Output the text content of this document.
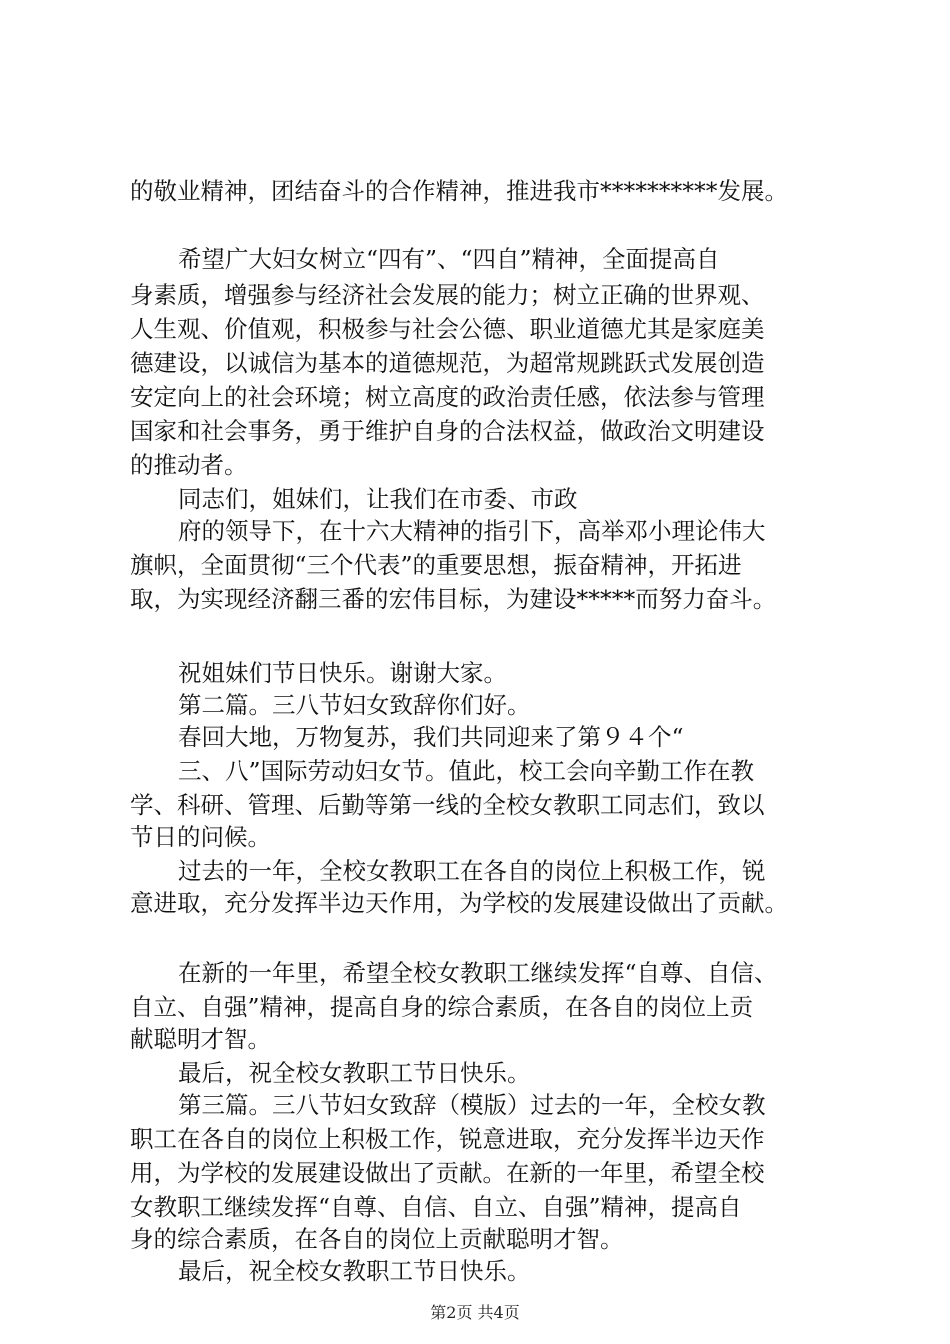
的敬业精神，团结奋斗的合作精神，推进我市**********发展。
希望广大妇女树立“四有”、“四自”精神，全面提高自
身素质，增强参与经济社会发展的能力；树立正确的世界观、
人生观、价值观，积极参与社会公德、职业道德尤其是家庭美
德建设，以诚信为基本的道德规范，为超常规跳跃式发展创造
安定向上的社会环境；树立高度的政治责任感，依法参与管理
国家和社会事务，勇于维护自身的合法权益，做政治文明建设
的推动者。
同志们，姐妹们，让我们在市委、市政
府的领导下，在十六大精神的指引下，高举邓小理论伟大
旗帜，全面贯彻“三个代表”的重要思想，振奋精神，开拓进
取，为实现经济翻三番的宏伟目标，为建设*****而努力奋斗。
祝姐妹们节日快乐。谢谢大家。
第二篇。三八节妇女致辞你们好。
春回大地，万物复苏，我们共同迎来了第９４个“
三、八”国际劳动妇女节。值此，校工会向辛勤工作在教
学、科研、管理、后勤等第一线的全校女教职工同志们，致以
节日的问候。
过去的一年，全校女教职工在各自的岗位上积极工作，锐
意进取，充分发挥半边天作用，为学校的发展建设做出了贡献。
在新的一年里，希望全校女教职工继续发挥“自尊、自信、
自立、自强”精神，提高自身的综合素质，在各自的岗位上贡
献聪明才智。
最后，祝全校女教职工节日快乐。
第三篇。三八节妇女致辞（模版）过去的一年，全校女教
职工在各自的岗位上积极工作，锐意进取，充分发挥半边天作
用，为学校的发展建设做出了贡献。在新的一年里，希望全校
女教职工继续发挥“自尊、自信、自立、自强”精神，提高自
身的综合素质，在各自的岗位上贡献聪明才智。
最后，祝全校女教职工节日快乐。
第2页 共4页
